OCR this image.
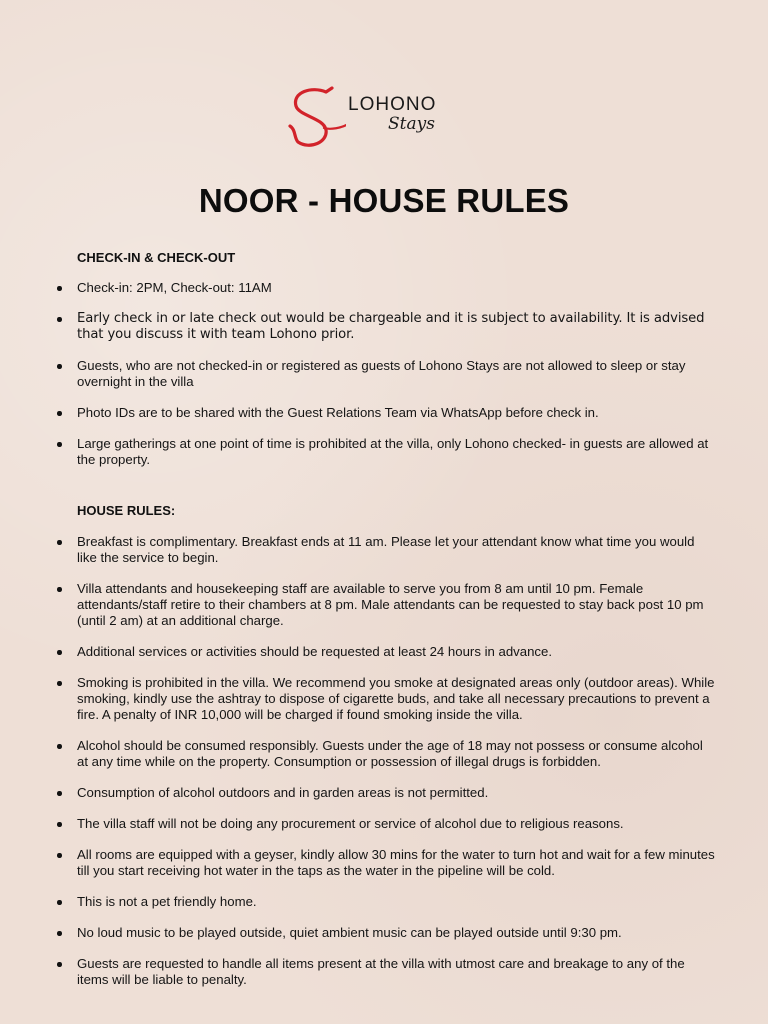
LOHONO
Stays
NOOR - HOUSE RULES
CHECK-IN & CHECK-OUT
Check-in: 2PM, Check-out: 11AM
Early check in or late check out would be chargeable and it is subject to availability. It is advised that you discuss it with team Lohono prior.
Guests, who are not checked-in or registered as guests of Lohono Stays are not allowed to sleep or stay overnight in the villa
Photo IDs are to be shared with the Guest Relations Team via WhatsApp before check in.
Large gatherings at one point of time is prohibited at the villa, only Lohono checked- in guests are allowed at the property.
HOUSE RULES:
Breakfast is complimentary. Breakfast ends at 11 am. Please let your attendant know what time you would like the service to begin.
Villa attendants and housekeeping staff are available to serve you from 8 am until 10 pm. Female attendants/staff retire to their chambers at 8 pm. Male attendants can be requested to stay back post 10 pm (until 2 am) at an additional charge.
Additional services or activities should be requested at least 24 hours in advance.
Smoking is prohibited in the villa. We recommend you smoke at designated areas only (outdoor areas). While smoking, kindly use the ashtray to dispose of cigarette buds, and take all necessary precautions to prevent a fire. A penalty of INR 10,000 will be charged if found smoking inside the villa.
Alcohol should be consumed responsibly. Guests under the age of 18 may not possess or consume alcohol at any time while on the property. Consumption or possession of illegal drugs is forbidden.
Consumption of alcohol outdoors and in garden areas is not permitted.
The villa staff will not be doing any procurement or service of alcohol due to religious reasons.
All rooms are equipped with a geyser, kindly allow 30 mins for the water to turn hot and wait for a few minutes till you start receiving hot water in the taps as the water in the pipeline will be cold.
This is not a pet friendly home.
No loud music to be played outside, quiet ambient music can be played outside until 9:30 pm.
Guests are requested to handle all items present at the villa with utmost care and breakage to any of the items will be liable to penalty.
